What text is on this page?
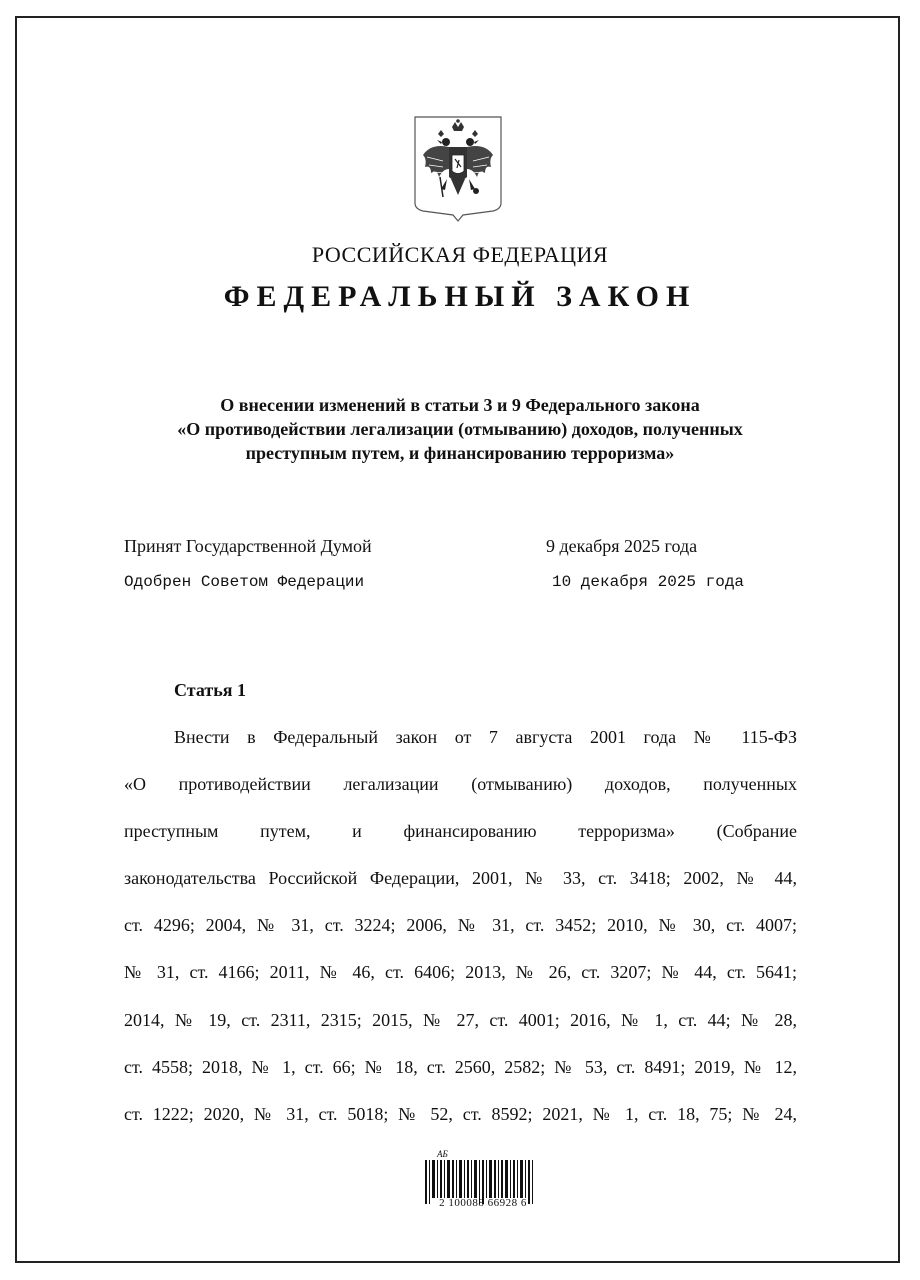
РОССИЙСКАЯ ФЕДЕРАЦИЯ
ФЕДЕРАЛЬНЫЙ ЗАКОН
О внесении изменений в статьи 3 и 9 Федерального закона
«О противодействии легализации (отмыванию) доходов, полученных
преступным путем, и финансированию терроризма»
Принят Государственной Думой	9 декабря 2025 года
Одобрен Советом Федерации	10 декабря 2025 года
Статья 1
Внести в Федеральный закон от 7 августа 2001 года № 115-ФЗ
«О противодействии легализации (отмыванию) доходов, полученных
преступным путем, и финансированию терроризма» (Собрание
законодательства Российской Федерации, 2001, № 33, ст. 3418; 2002, № 44,
ст. 4296; 2004, № 31, ст. 3224; 2006, № 31, ст. 3452; 2010, № 30, ст. 4007;
№ 31, ст. 4166; 2011, № 46, ст. 6406; 2013, № 26, ст. 3207; № 44, ст. 5641;
2014, № 19, ст. 2311, 2315; 2015, № 27, ст. 4001; 2016, № 1, ст. 44; № 28,
ст. 4558; 2018, № 1, ст. 66; № 18, ст. 2560, 2582; № 53, ст. 8491; 2019, № 12,
ст. 1222; 2020, № 31, ст. 5018; № 52, ст. 8592; 2021, № 1, ст. 18, 75; № 24,
АБ
2 100088 66928 6
